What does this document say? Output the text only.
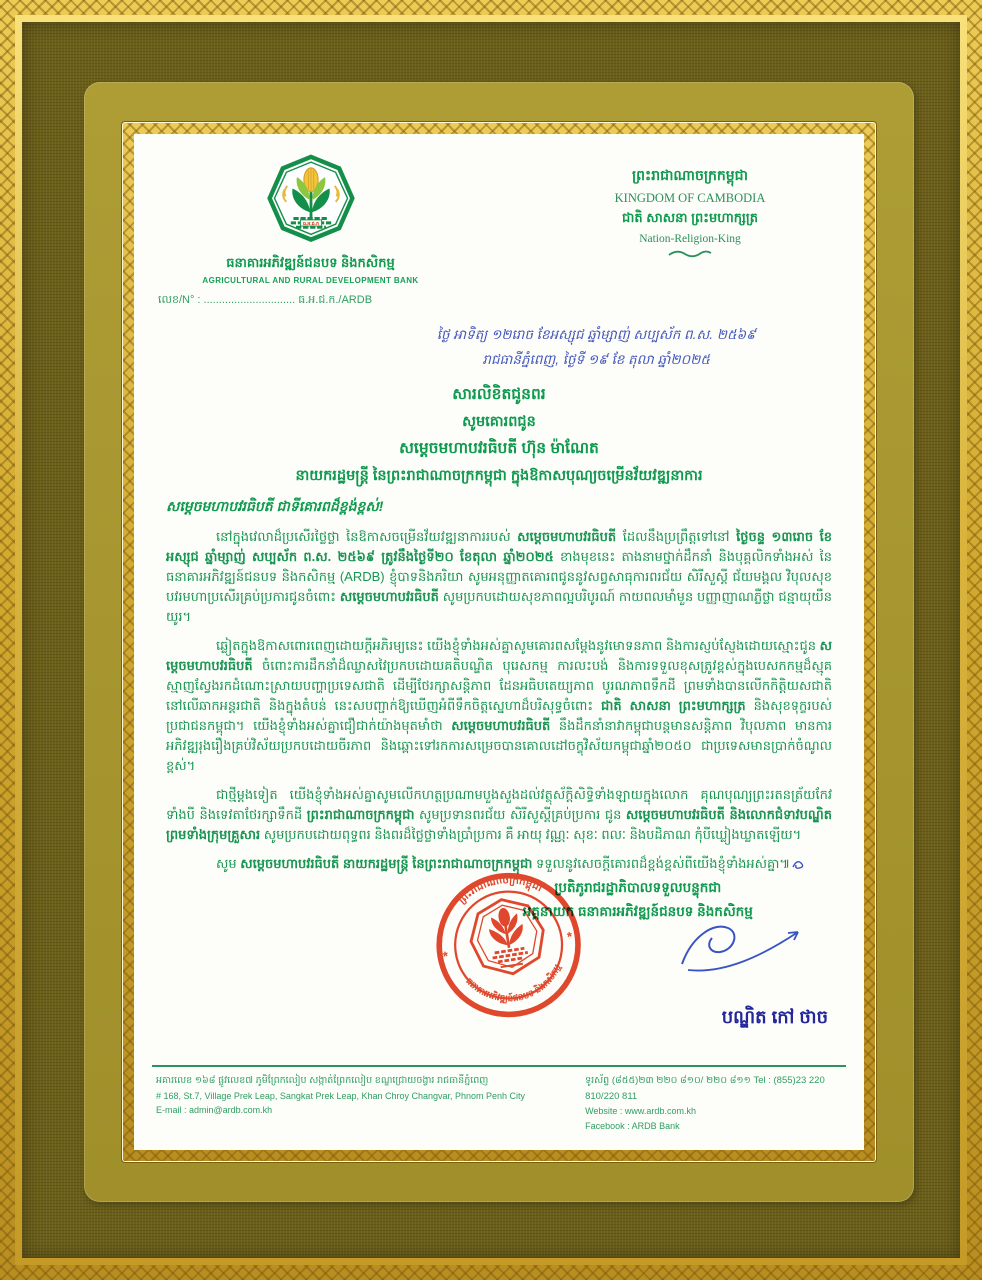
ធ.អ.ជ.ក
ធនាគារអភិវឌ្ឍន៍ជនបទ និងកសិកម្ម
AGRICULTURAL AND RURAL DEVELOPMENT BANK
លេខ/N° : .............................. ធ.អ.ជ.ក./ARDB
ព្រះរាជាណាចក្រកម្ពុជា
KINGDOM OF CAMBODIA
ជាតិ សាសនា ព្រះមហាក្សត្រ
Nation-Religion-King
ថ្ងៃ អាទិត្យ ១២រោច ខែអស្សុជ ឆ្នាំម្សាញ់ សប្បស័ក ព.ស. ២៥៦៩
រាជធានីភ្នំពេញ, ថ្ងៃទី ១៩ ខែ តុលា ឆ្នាំ២០២៥
សារលិខិតជូនពរ
សូមគោរពជូន
សម្តេចមហាបវរធិបតី ហ៊ុន ម៉ាណែត
នាយករដ្ឋមន្ត្រី នៃព្រះរាជាណាចក្រកម្ពុជា ក្នុងឱកាសបុណ្យចម្រើនវ័យវឌ្ឍនាការ
សម្តេចមហាបវរធិបតី ជាទីគោរពដ៏ខ្ពង់ខ្ពស់!

នៅក្នុងវេលាដ៏ប្រសើរថ្លៃថ្លា នៃឱកាសចម្រើនវ័យវឌ្ឍនាការរបស់ សម្តេចមហាបវរធិបតី ដែលនឹងប្រព្រឹត្តទៅនៅ ថ្ងៃចន្ទ ១៣រោច ខែអស្សុជ ឆ្នាំម្សាញ់ សប្បស័ក ព.ស. ២៥៦៩ ត្រូវនឹងថ្ងៃទី២០ ខែតុលា ឆ្នាំ២០២៥ ខាងមុខនេះ តាងនាមថ្នាក់ដឹកនាំ និងបុគ្គលិកទាំងអស់ នៃធនាគារអភិវឌ្ឍន៍ជនបទ និងកសិកម្ម (ARDB) ខ្ញុំបាទនិងភរិយា សូមអនុញ្ញាតគោរពជូននូវសព្វសាធុការពរជ័យ សិរីសួស្តី ជ័យមង្គល វិបុលសុខ បវរមហាប្រសើរគ្រប់ប្រការជូនចំពោះ សម្តេចមហាបវរធិបតី សូមប្រកបដោយសុខភាពល្អបរិបូរណ៍ កាយពលមាំមួន បញ្ញាញាណភ្លឺថ្លា ជន្មាយុយឺនយូរ។

ឆ្លៀតក្នុងឱកាសពោរពេញដោយក្តីអភិរម្យនេះ យើងខ្ញុំទាំងអស់គ្នាសូមគោរពសម្តែងនូវមោទនភាព និងការស្ញប់ស្ញែងដោយស្មោះជូន សម្តេចមហាបវរធិបតី ចំពោះការដឹកនាំដ៏ឈ្លាសវៃប្រកបដោយគតិបណ្ឌិត បុរេសកម្ម ការលះបង់ និងការទទួលខុសត្រូវខ្ពស់ក្នុងបេសកកម្មដ៏ស្មុគស្មាញស្វែងរកដំណោះស្រាយបញ្ហាប្រទេសជាតិ ដើម្បីថែរក្សាសន្តិភាព ដែនអធិបតេយ្យភាព បូរណភាពទឹកដី ព្រមទាំងបានលើកកិត្តិយសជាតិនៅលើឆាកអន្តរជាតិ និងក្នុងតំបន់ នេះសបញ្ជាក់ឱ្យឃើញអំពីទឹកចិត្តស្នេហាដ៏បរិសុទ្ធចំពោះ ជាតិ សាសនា ព្រះមហាក្សត្រ និងសុខទុក្ខរបស់ប្រជាជនកម្ពុជា។ យើងខ្ញុំទាំងអស់គ្នាជឿជាក់យ៉ាងមុតមាំថា សម្តេចមហាបវរធិបតី នឹងដឹកនាំនាវាកម្ពុជាបន្តមានសន្តិភាព វិបុលភាព មានការអភិវឌ្ឍរុងរឿងគ្រប់វិស័យប្រកបដោយចីរភាព និងឆ្ពោះទៅរកការសម្រេចបានគោលដៅចក្ខុវិស័យកម្ពុជាឆ្នាំ២០៥០ ជាប្រទេសមានប្រាក់ចំណូលខ្ពស់។

ជាថ្មីម្តងទៀត យើងខ្ញុំទាំងអស់គ្នាសូមលើកហត្ថប្រណាមបួងសួងដល់វត្ថុស័ក្តិសិទ្ធិទាំងឡាយក្នុងលោក គុណបុណ្យព្រះរតនត្រ័យកែវទាំងបី និងទេវតាថែរក្សាទឹកដី ព្រះរាជាណាចក្រកម្ពុជា សូមប្រទានពរជ័យ សិរីសួស្តីគ្រប់ប្រការ ជូន សម្តេចមហាបវរធិបតី និងលោកជំទាវបណ្ឌិត ព្រមទាំងក្រុមគ្រួសារ សូមប្រកបដោយពុទ្ធពរ និងពរដ៏ថ្លៃថ្លាទាំងប្រាំប្រការ គឺ អាយុ វណ្ណៈ សុខៈ ពលៈ និងបដិភាណ កុំបីឃ្លៀងឃ្លាតឡើយ។

សូម សម្តេចមហាបវរធិបតី នាយករដ្ឋមន្ត្រី នៃព្រះរាជាណាចក្រកម្ពុជា ទទួលនូវសេចក្តីគោរពដ៏ខ្ពង់ខ្ពស់ពីយើងខ្ញុំទាំងអស់គ្នា៕

ប្រតិភូរាជរដ្ឋាភិបាលទទួលបន្ទុកជា
អគ្គនាយក ធនាគារអភិវឌ្ឍន៍ជនបទ និងកសិកម្ម
ព្រះរាជាណាចក្រកម្ពុជា
ធនាគារអភិវឌ្ឍន៍ជនបទ និងកសិកម្ម
*
*
បណ្ឌិត កៅ ថាច
អគារលេខ ១៦៨ ផ្លូវលេខ៧ ភូមិព្រែកលៀប សង្កាត់ព្រែកលៀប ខណ្ឌជ្រោយចង្វារ រាជធានីភ្នំពេញ
# 168, St.7, Village Prek Leap, Sangkat Prek Leap, Khan Chroy Changvar, Phnom Penh City
E-mail : admin@ardb.com.kh
ទូរស័ព្ទ (៨៥៥)២៣ ២២០ ៨១០/ ២២០ ៨១១ Tel : (855)23 220 810/220 811
Website : www.ardb.com.kh
Facebook : ARDB Bank
